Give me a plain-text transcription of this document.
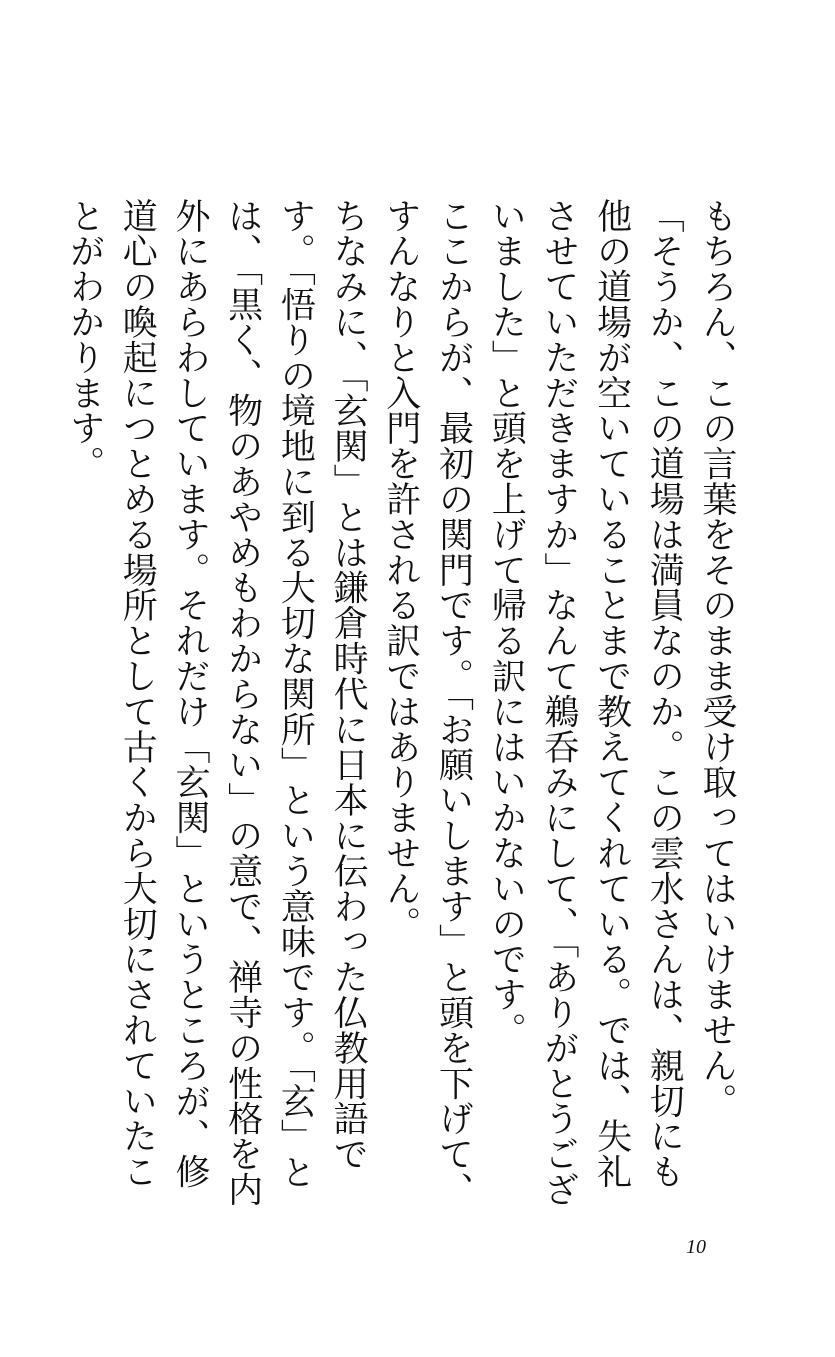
もちろん、この言葉をそのまま受け取ってはいけません。

「そうか、この道場は満員なのか。この雲水さんは、親切にも他の道場が空いていることまで教えてくれている。では、失礼させていただきますか」なんて鵜呑みにして、「ありがとうございました」と頭を上げて帰る訳にはいかないのです。

ここからが、最初の関門です。「お願いします」と頭を下げて、すんなりと入門を許される訳ではありません。

ちなみに、「玄関」とは鎌倉時代に日本に伝わった仏教用語です。「悟りの境地に到る大切な関所」という意味です。「玄」とは、「黒く、物のあやめもわからない」の意で、禅寺の性格を内外にあらわしています。それだけ「玄関」というところが、修道心の喚起につとめる場所として古くから大切にされていたことがわかります。

10
